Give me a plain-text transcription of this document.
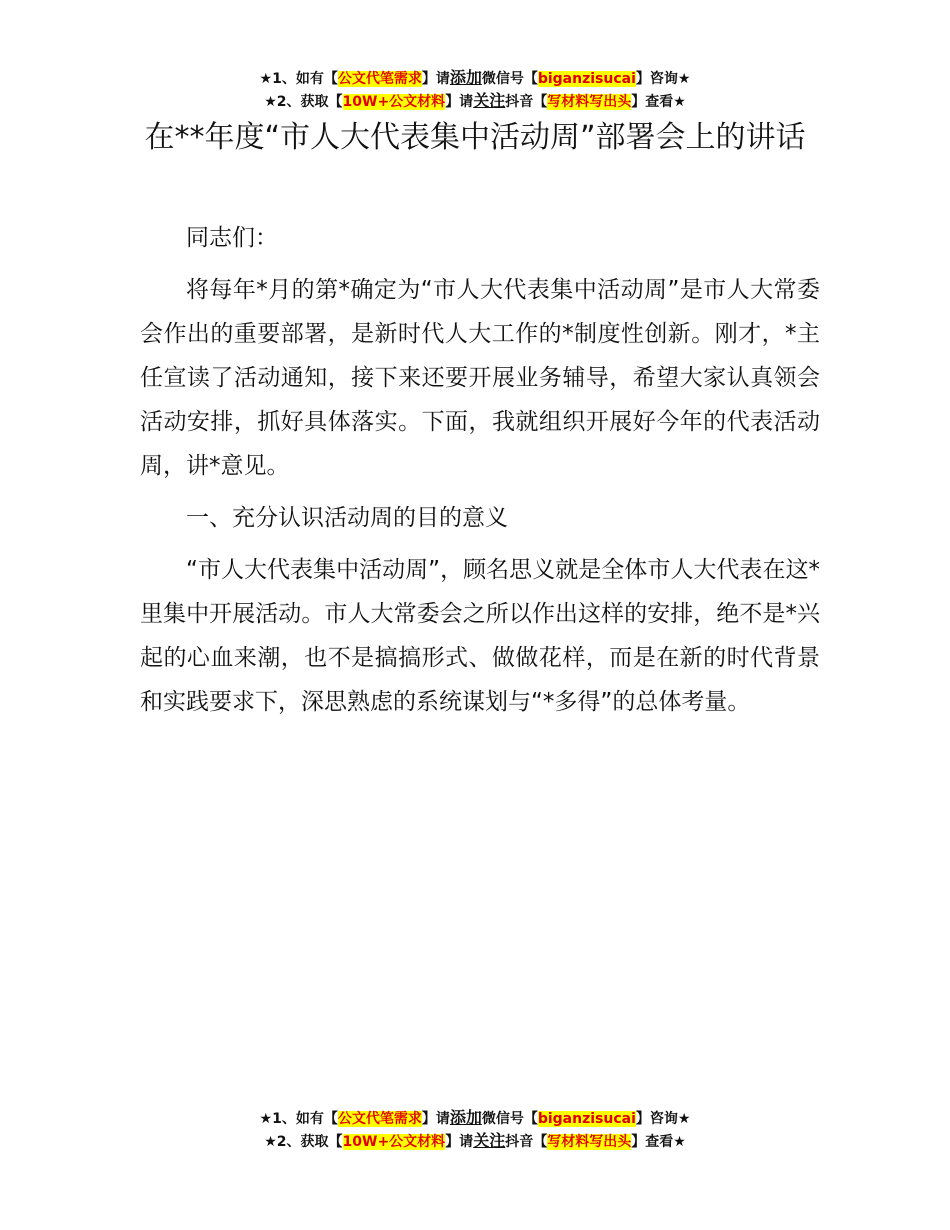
★1、如有【公文代笔需求】请添加微信号【biganzisucai】咨询★
★2、获取【10W+公文材料】请关注抖音【写材料写出头】查看★
在**年度“市人大代表集中活动周”部署会上的讲话

同志们：

将每年*月的第*确定为“市人大代表集中活动周”是市人大常委会作出的重要部署，是新时代人大工作的*制度性创新。刚才，*主任宣读了活动通知，接下来还要开展业务辅导，希望大家认真领会活动安排，抓好具体落实。下面，我就组织开展好今年的代表活动周，讲*意见。

一、充分认识活动周的目的意义

“市人大代表集中活动周”，顾名思义就是全体市人大代表在这*里集中开展活动。市人大常委会之所以作出这样的安排，绝不是*兴起的心血来潮，也不是搞搞形式、做做花样，而是在新的时代背景和实践要求下，深思熟虑的系统谋划与“*多得”的总体考量。

★1、如有【公文代笔需求】请添加微信号【biganzisucai】咨询★
★2、获取【10W+公文材料】请关注抖音【写材料写出头】查看★
